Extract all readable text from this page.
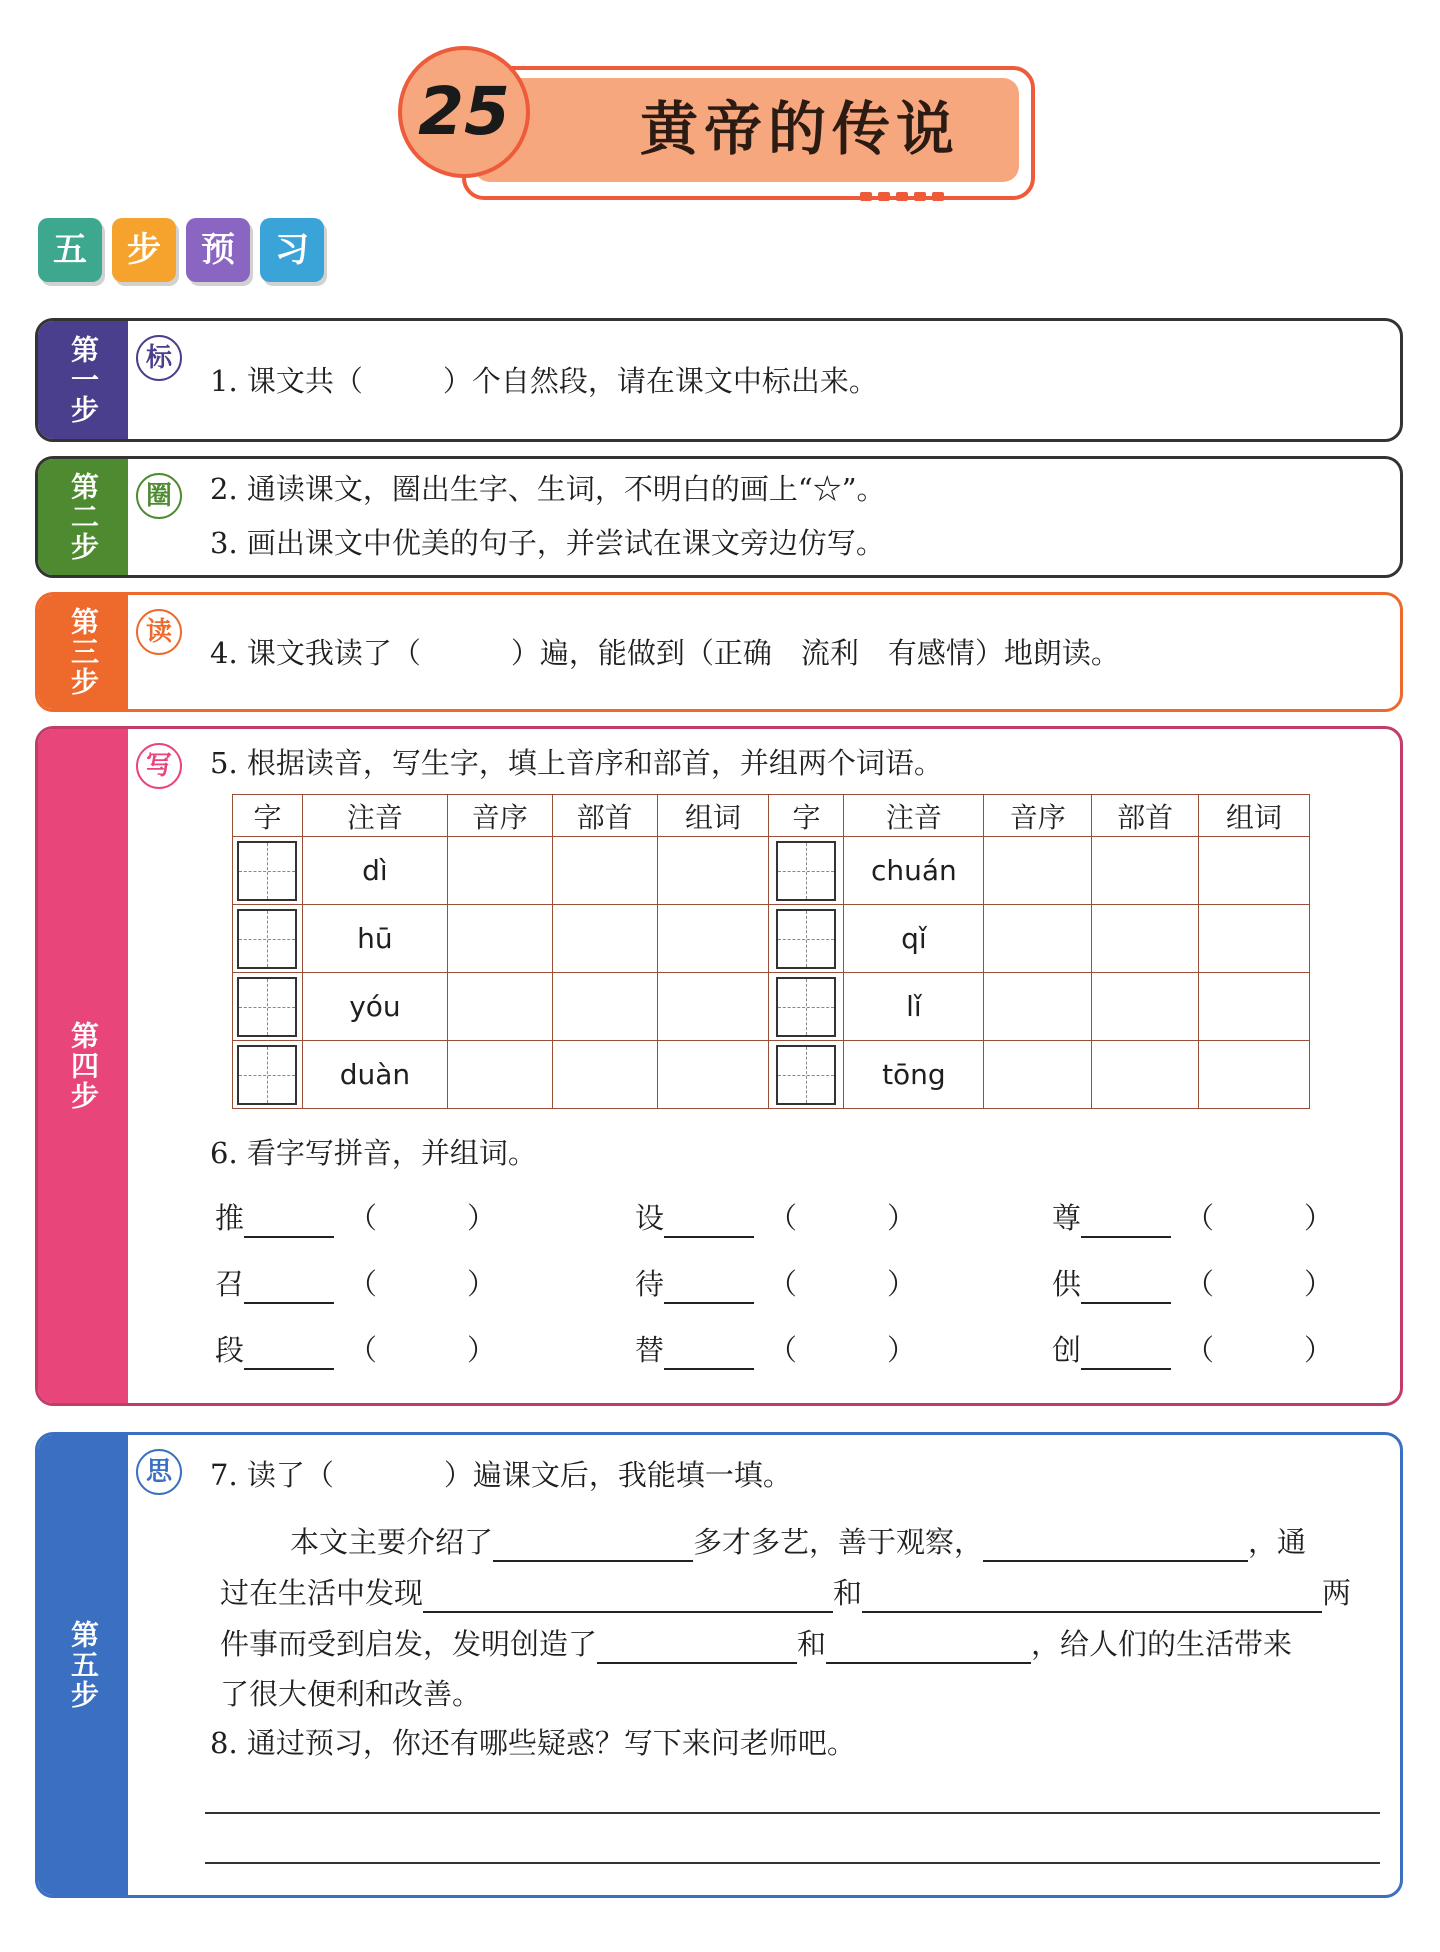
黄帝的传说
25
五	步	预	习
第一步	标
1. 课文共（	）个自然段，请在课文中标出来。
第二步	圈	2. 通读课文，圈出生字、生词，不明白的画上“☆”。
3. 画出课文中优美的句子，并尝试在课文旁边仿写。
第三步	读
4. 课文我读了（	）遍，能做到（正确　流利　有感情）地朗读。
第四步
写	5. 根据读音，写生字，填上音序和部首，并组两个词语。
6. 看字写拼音，并组词。
字	注音	音序	部首	组词	字	注音	音序	部首	组词

	dì					chuán			

	hū					qǐ			

	yóu					lǐ			

	duàn					tōng			
推	（	）	设	（	）	尊	（	）
召	（	）	待	（	）	供	（	）
段	（	）	替	（	）	创	（	）
第五步
思	7. 读了（	）遍课文后，我能填一填。
8. 通过预习，你还有哪些疑惑？写下来问老师吧。
本文主要介绍了	多才多艺，善于观察，	，通
过在生活中发现	和	两
件事而受到启发，发明创造了	和	，给人们的生活带来
了很大便利和改善。
